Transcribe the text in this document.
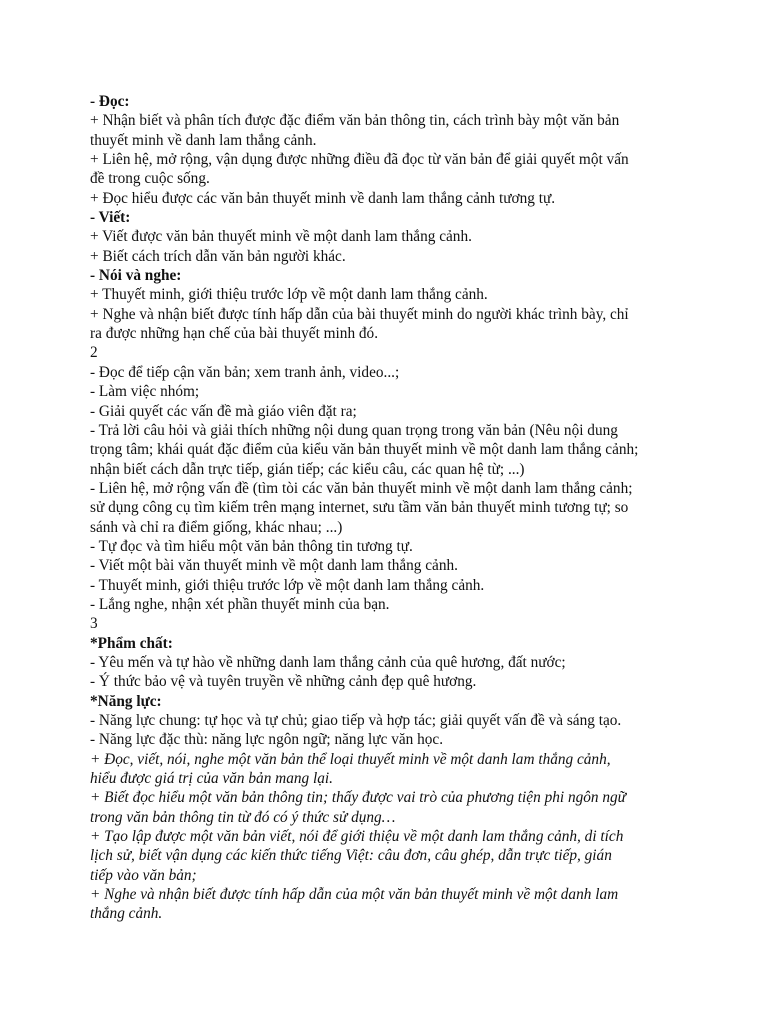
- Đọc:
+ Nhận biết và phân tích được đặc điểm văn bản thông tin, cách trình bày một văn bản
thuyết minh về danh lam thắng cảnh.
+ Liên hệ, mở rộng, vận dụng được những điều đã đọc từ văn bản để giải quyết một vấn
đề trong cuộc sống.
+ Đọc hiểu được các văn bản thuyết minh về danh lam thắng cảnh tương tự.
- Viết:
+ Viết được văn bản thuyết minh về một danh lam thắng cảnh.
+ Biết cách trích dẫn văn bản người khác.
- Nói và nghe:
+ Thuyết minh, giới thiệu trước lớp về một danh lam thắng cảnh.
+ Nghe và nhận biết được tính hấp dẫn của bài thuyết minh do người khác trình bày, chỉ
ra được những hạn chế của bài thuyết minh đó.
2
- Đọc để tiếp cận văn bản; xem tranh ảnh, video...;
- Làm việc nhóm;
- Giải quyết các vấn đề mà giáo viên đặt ra;
- Trả lời câu hỏi và giải thích những nội dung quan trọng trong văn bản (Nêu nội dung
trọng tâm; khái quát đặc điểm của kiểu văn bản thuyết minh về một danh lam thắng cảnh;
nhận biết cách dẫn trực tiếp, gián tiếp; các kiểu câu, các quan hệ từ; ...)
- Liên hệ, mở rộng vấn đề (tìm tòi các văn bản thuyết minh về một danh lam thắng cảnh;
sử dụng công cụ tìm kiếm trên mạng internet, sưu tầm văn bản thuyết minh tương tự; so
sánh và chỉ ra điểm giống, khác nhau; ...)
- Tự đọc và tìm hiểu một văn bản thông tin tương tự.
- Viết một bài văn thuyết minh về một danh lam thắng cảnh.
- Thuyết minh, giới thiệu trước lớp về một danh lam thắng cảnh.
- Lắng nghe, nhận xét phần thuyết minh của bạn.
3
*Phẩm chất:
- Yêu mến và tự hào về những danh lam thắng cảnh của quê hương, đất nước;
- Ý thức bảo vệ và tuyên truyền về những cảnh đẹp quê hương.
*Năng lực:
- Năng lực chung: tự học và tự chủ; giao tiếp và hợp tác; giải quyết vấn đề và sáng tạo.
- Năng lực đặc thù: năng lực ngôn ngữ; năng lực văn học.
+ Đọc, viết, nói, nghe một văn bản thể loại thuyết minh về một danh lam thắng cảnh,
hiểu được giá trị của văn bản mang lại.
+ Biết đọc hiểu một văn bản thông tin; thấy được vai trò của phương tiện phi ngôn ngữ
trong văn bản thông tin từ đó có ý thức sử dụng…
+ Tạo lập được một văn bản viết, nói để giới thiệu về một danh lam thắng cảnh, di tích
lịch sử, biết vận dụng các kiến thức tiếng Việt: câu đơn, câu ghép, dẫn trực tiếp, gián
tiếp vào văn bản;
+ Nghe và nhận biết được tính hấp dẫn của một văn bản thuyết minh về một danh lam
thắng cảnh.
